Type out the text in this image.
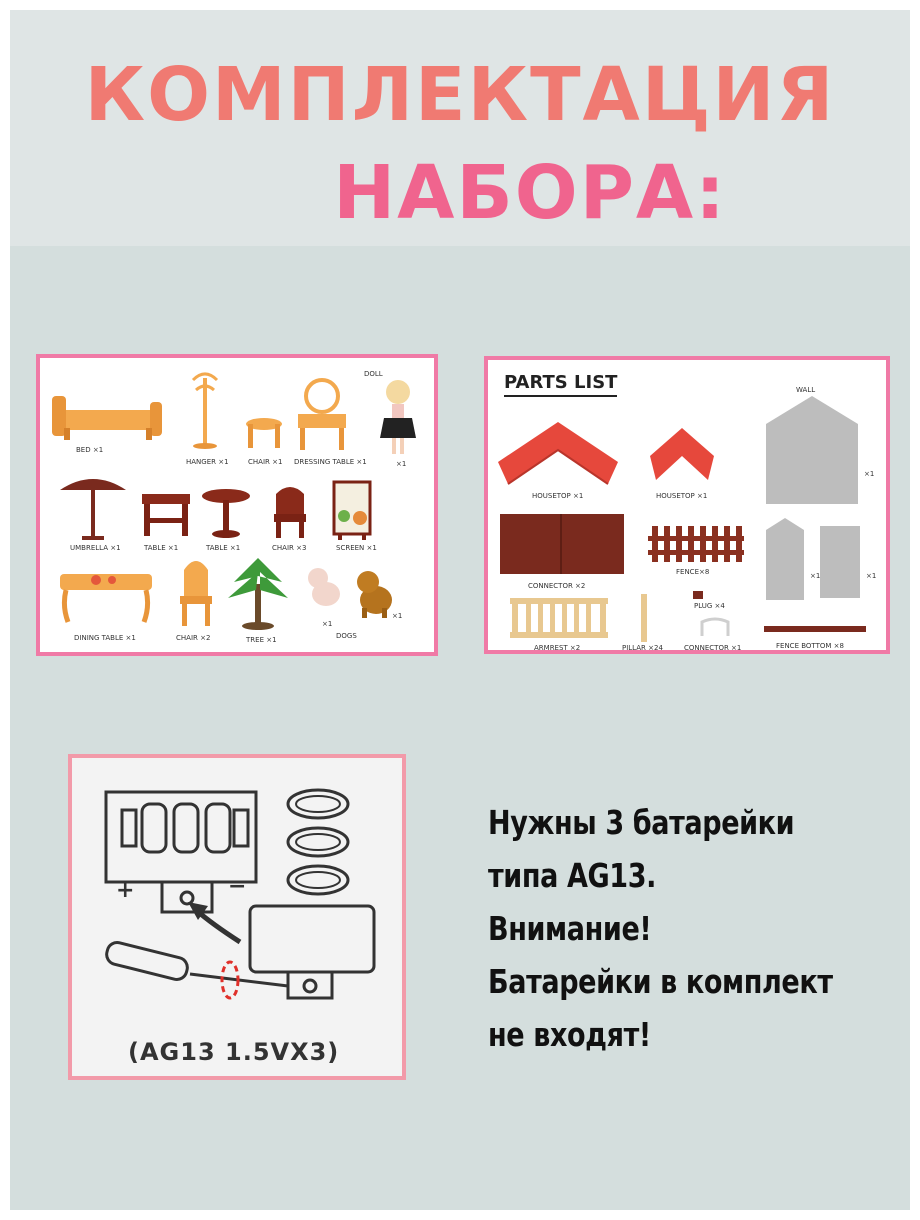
КОМПЛЕКТАЦИЯ
НАБОРА:
BED ×1
HANGER ×1	CHAIR ×1 DRESSING TABLE ×1
DOLL
×1
UMBRELLA ×1	TABLE ×1	TABLE ×1	CHAIR ×3	SCREEN ×1
DINING TABLE ×1	CHAIR ×2	TREE ×1
×1
DOGS
×1
PARTS LIST
HOUSETOP ×1	HOUSETOP ×1
WALL
×1
CONNECTOR ×2
FENCE×8	×1	×1
PLUG ×4
ARMREST ×2	PILLAR ×24	CONNECTOR ×1	FENCE BOTTOM ×8
+	−
(AG13 1.5VX3)
Нужны 3 батарейки
типа AG13.
Внимание!
Батарейки в комплект
не входят!
